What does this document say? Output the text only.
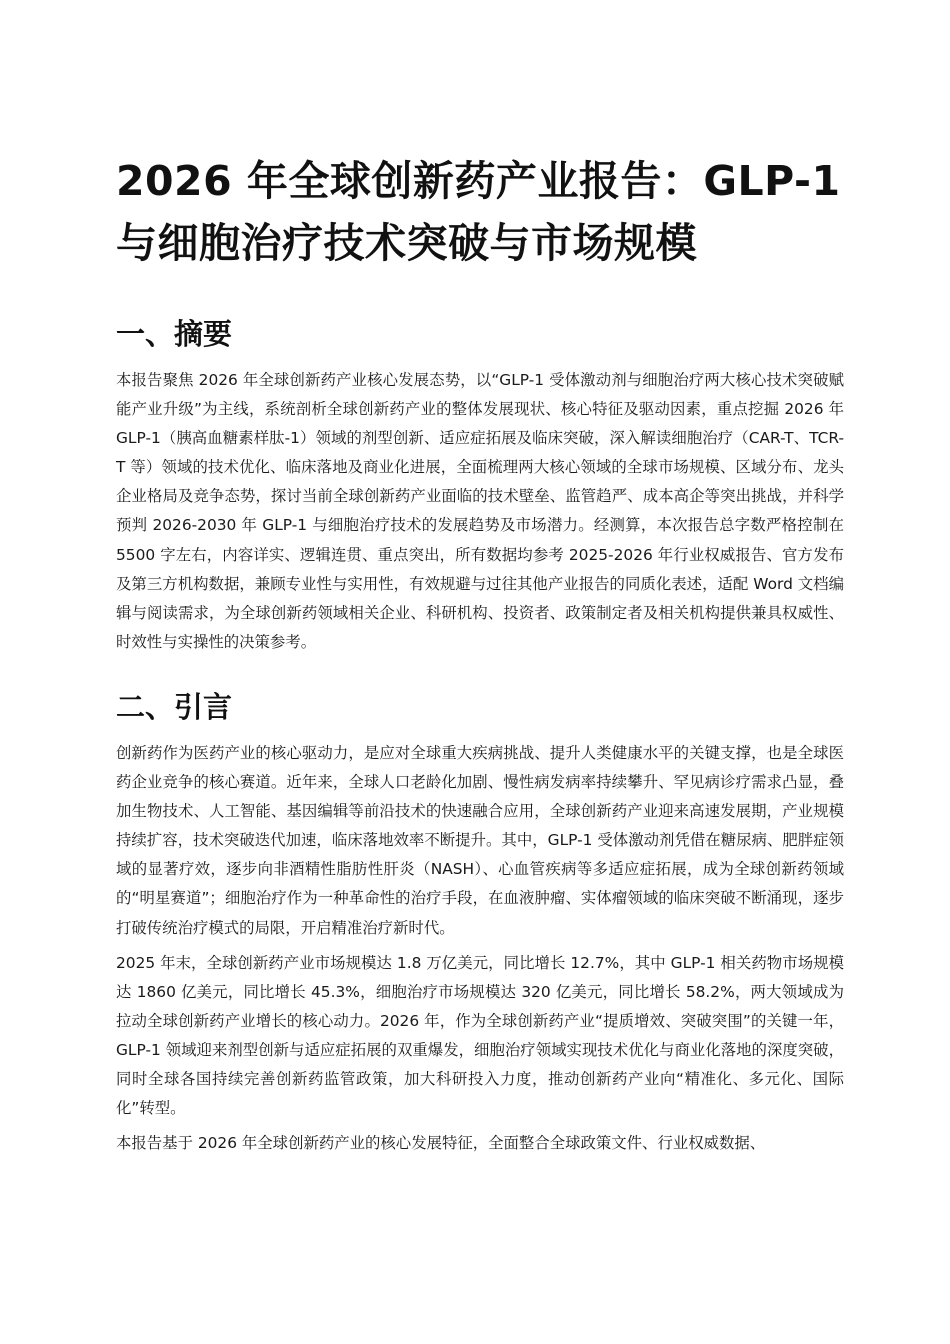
2026 年全球创新药产业报告：GLP-1
与细胞治疗技术突破与市场规模
一、摘要

本报告聚焦 2026 年全球创新药产业核心发展态势，以“GLP-1 受体激动剂与细胞治疗两大核心技术突破赋能产业升级”为主线，系统剖析全球创新药产业的整体发展现状、核心特征及驱动因素，重点挖掘 2026 年 GLP-1（胰高血糖素样肽-1）领域的剂型创新、适应症拓展及临床突破，深入解读细胞治疗（CAR-T、TCR-T 等）领域的技术优化、临床落地及商业化进展，全面梳理两大核心领域的全球市场规模、区域分布、龙头企业格局及竞争态势，探讨当前全球创新药产业面临的技术壁垒、监管趋严、成本高企等突出挑战，并科学预判 2026-2030 年 GLP-1 与细胞治疗技术的发展趋势及市场潜力。经测算，本次报告总字数严格控制在 5500 字左右，内容详实、逻辑连贯、重点突出，所有数据均参考 2025-2026 年行业权威报告、官方发布及第三方机构数据，兼顾专业性与实用性，有效规避与过往其他产业报告的同质化表述，适配 Word 文档编辑与阅读需求，为全球创新药领域相关企业、科研机构、投资者、政策制定者及相关机构提供兼具权威性、时效性与实操性的决策参考。

二、引言

创新药作为医药产业的核心驱动力，是应对全球重大疾病挑战、提升人类健康水平的关键支撑，也是全球医药企业竞争的核心赛道。近年来，全球人口老龄化加剧、慢性病发病率持续攀升、罕见病诊疗需求凸显，叠加生物技术、人工智能、基因编辑等前沿技术的快速融合应用，全球创新药产业迎来高速发展期，产业规模持续扩容，技术突破迭代加速，临床落地效率不断提升。其中，GLP-1 受体激动剂凭借在糖尿病、肥胖症领域的显著疗效，逐步向非酒精性脂肪性肝炎（NASH）、心血管疾病等多适应症拓展，成为全球创新药领域的“明星赛道”；细胞治疗作为一种革命性的治疗手段，在血液肿瘤、实体瘤领域的临床突破不断涌现，逐步打破传统治疗模式的局限，开启精准治疗新时代。

2025 年末，全球创新药产业市场规模达 1.8 万亿美元，同比增长 12.7%，其中 GLP-1 相关药物市场规模达 1860 亿美元，同比增长 45.3%，细胞治疗市场规模达 320 亿美元，同比增长 58.2%，两大领域成为拉动全球创新药产业增长的核心动力。2026 年，作为全球创新药产业“提质增效、突破突围”的关键一年，GLP-1 领域迎来剂型创新与适应症拓展的双重爆发，细胞治疗领域实现技术优化与商业化落地的深度突破，同时全球各国持续完善创新药监管政策，加大科研投入力度，推动创新药产业向“精准化、多元化、国际化”转型。

本报告基于 2026 年全球创新药产业的核心发展特征，全面整合全球政策文件、行业权威数据、
